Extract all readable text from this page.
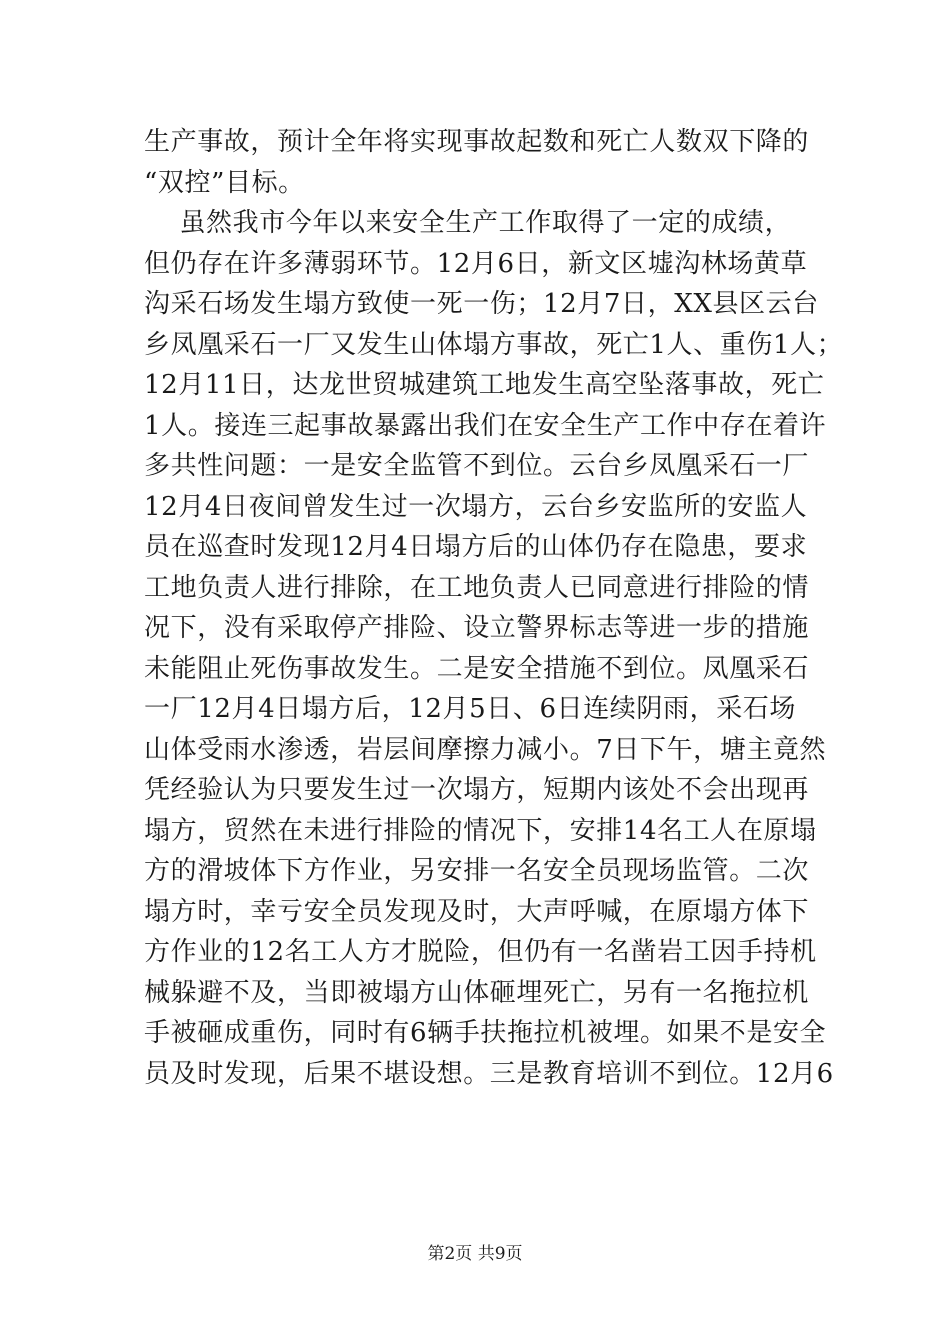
生产事故，预计全年将实现事故起数和死亡人数双下降的
“双控”目标。
虽然我市今年以来安全生产工作取得了一定的成绩，
但仍存在许多薄弱环节。12月6日，新文区墟沟林场黄草
沟采石场发生塌方致使一死一伤；12月7日，XX县区云台
乡凤凰采石一厂又发生山体塌方事故，死亡1人、重伤1人；
12月11日，达龙世贸城建筑工地发生高空坠落事故，死亡
1人。接连三起事故暴露出我们在安全生产工作中存在着许
多共性问题：一是安全监管不到位。云台乡凤凰采石一厂
12月4日夜间曾发生过一次塌方，云台乡安监所的安监人
员在巡查时发现12月4日塌方后的山体仍存在隐患，要求
工地负责人进行排除，在工地负责人已同意进行排险的情
况下，没有采取停产排险、设立警界标志等进一步的措施
未能阻止死伤事故发生。二是安全措施不到位。凤凰采石
一厂12月4日塌方后，12月5日、6日连续阴雨，采石场
山体受雨水渗透，岩层间摩擦力减小。7日下午，塘主竟然
凭经验认为只要发生过一次塌方，短期内该处不会出现再
塌方，贸然在未进行排险的情况下，安排14名工人在原塌
方的滑坡体下方作业，另安排一名安全员现场监管。二次
塌方时，幸亏安全员发现及时，大声呼喊，在原塌方体下
方作业的12名工人方才脱险，但仍有一名凿岩工因手持机
械躲避不及，当即被塌方山体砸埋死亡，另有一名拖拉机
手被砸成重伤，同时有6辆手扶拖拉机被埋。如果不是安全
员及时发现，后果不堪设想。三是教育培训不到位。12月6
第2页 共9页
